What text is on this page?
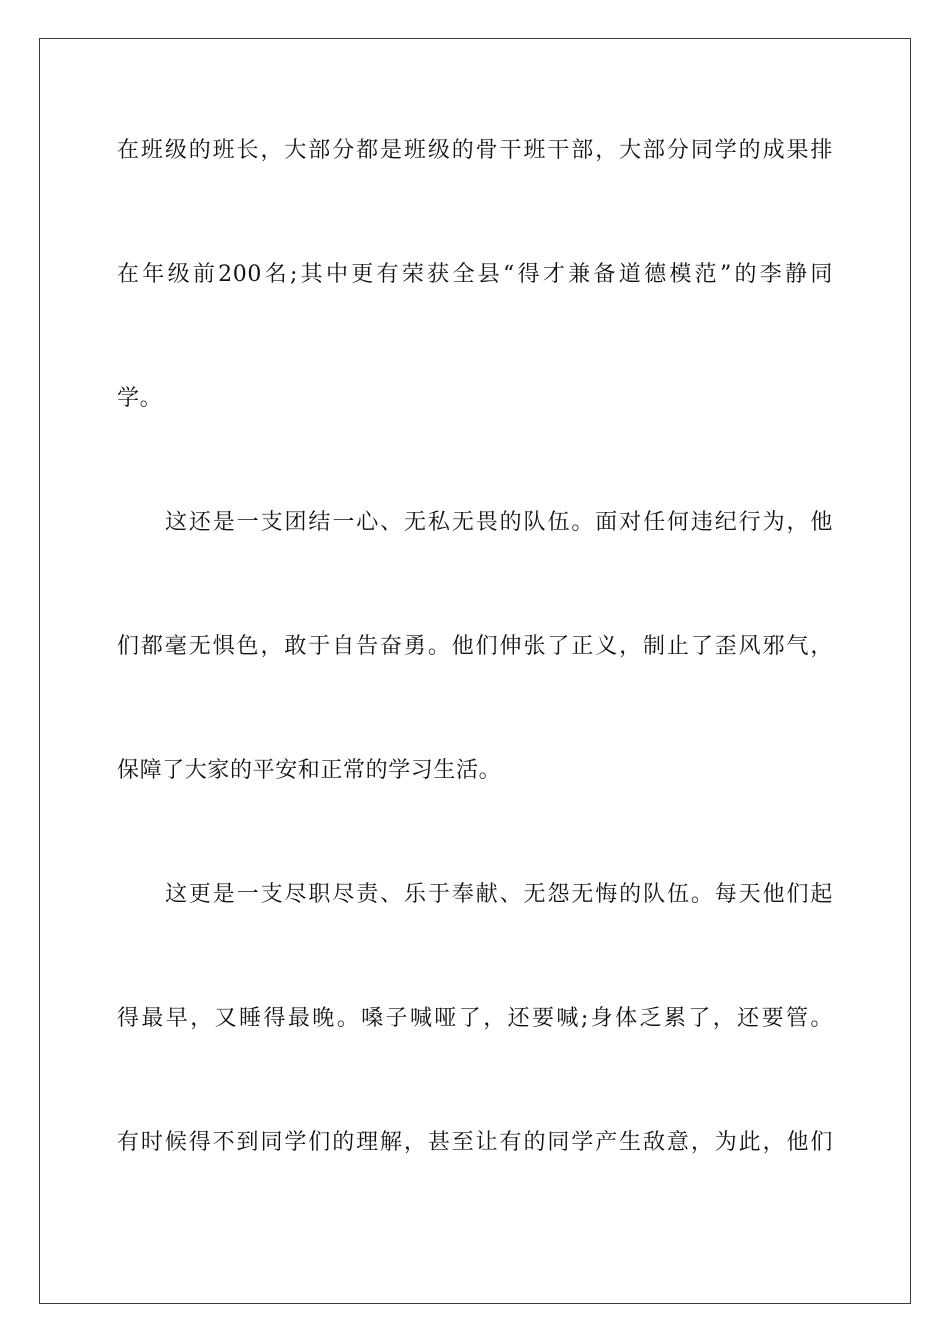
在班级的班长，大部分都是班级的骨干班干部，大部分同学的成果排
在年级前200名;其中更有荣获全县“得才兼备道德模范”的李静同
学。
这还是一支团结一心、无私无畏的队伍。面对任何违纪行为，他
们都毫无惧色，敢于自告奋勇。他们伸张了正义，制止了歪风邪气，
保障了大家的平安和正常的学习生活。
这更是一支尽职尽责、乐于奉献、无怨无悔的队伍。每天他们起
得最早，又睡得最晚。嗓子喊哑了，还要喊;身体乏累了，还要管。
有时候得不到同学们的理解，甚至让有的同学产生敌意，为此，他们
